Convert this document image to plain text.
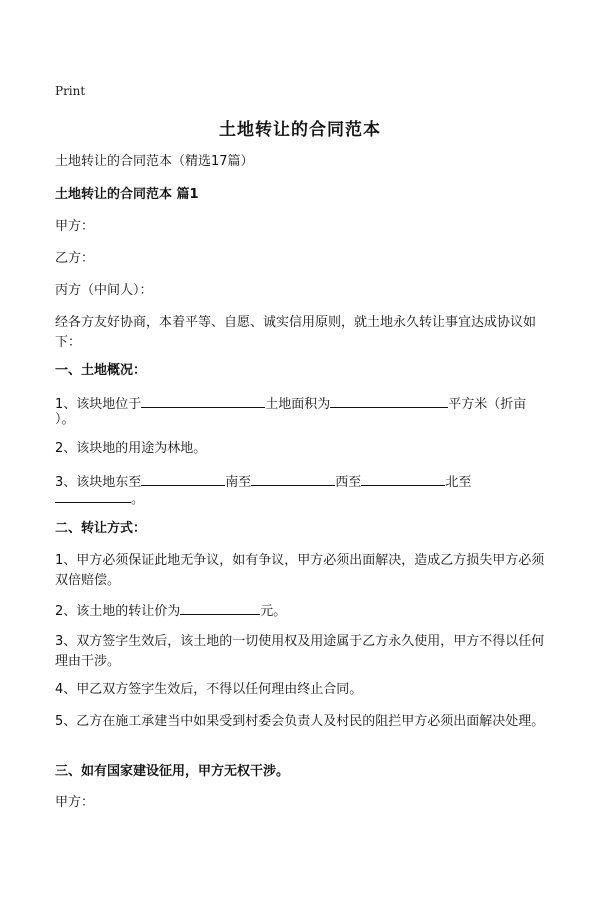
Print
土地转让的合同范本
土地转让的合同范本（精选17篇）
土地转让的合同范本 篇1
甲方：
乙方：
丙方（中间人）：
经各方友好协商，本着平等、自愿、诚实信用原则，就土地永久转让事宜达成协议如下：
一、土地概况：
1、该块地位于	土地面积为	平方米（折亩
）。
2、该块地的用途为林地。
3、该块地东至	南至	西至	北至
。
二、转让方式：
1、甲方必须保证此地无争议，如有争议，甲方必须出面解决，造成乙方损失甲方必须双倍赔偿。
2、该土地的转让价为	元。
3、双方签字生效后，该土地的一切使用权及用途属于乙方永久使用，甲方不得以任何理由干涉。
4、甲乙双方签字生效后，不得以任何理由终止合同。
5、乙方在施工承建当中如果受到村委会负责人及村民的阻拦甲方必须出面解决处理。
三、如有国家建设征用，甲方无权干涉。
甲方：
